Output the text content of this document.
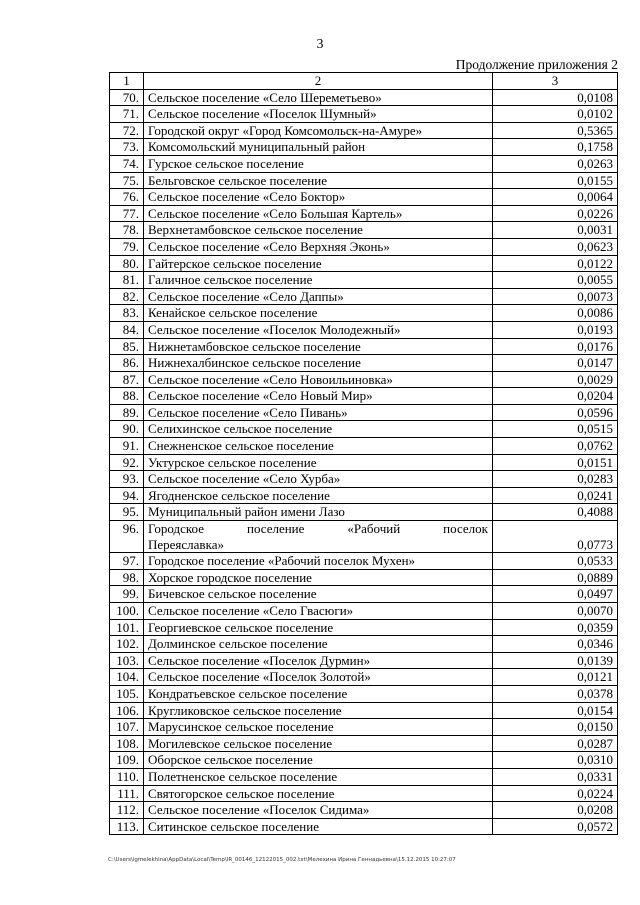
3
Продолжение приложения 2
1	2	3
70.	Сельское поселение «Село Шереметьево»	0,0108
71.	Сельское поселение «Поселок Шумный»	0,0102
72.	Городской округ «Город Комсомольск-на-Амуре»	0,5365
73.	Комсомольский муниципальный район	0,1758
74.	Гурское сельское поселение	0,0263
75.	Бельговское сельское поселение	0,0155
76.	Сельское поселение «Село Боктор»	0,0064
77.	Сельское поселение «Село Большая Картель»	0,0226
78.	Верхнетамбовское сельское поселение	0,0031
79.	Сельское поселение «Село Верхняя Эконь»	0,0623
80.	Гайтерское сельское поселение	0,0122
81.	Галичное сельское поселение	0,0055
82.	Сельское поселение «Село Даппы»	0,0073
83.	Кенайское сельское поселение	0,0086
84.	Сельское поселение «Поселок Молодежный»	0,0193
85.	Нижнетамбовское сельское поселение	0,0176
86.	Нижнехалбинское сельское поселение	0,0147
87.	Сельское поселение «Село Новоильиновка»	0,0029
88.	Сельское поселение «Село Новый Мир»	0,0204
89.	Сельское поселение «Село Пивань»	0,0596
90.	Селихинское сельское поселение	0,0515
91.	Снежненское сельское поселение	0,0762
92.	Уктурское сельское поселение	0,0151
93.	Сельское поселение «Село Хурба»	0,0283
94.	Ягодненское сельское поселение	0,0241
95.	Муниципальный район имени Лазо	0,4088
96.	Городское поселение «Рабочий поселок
Переяславка»	0,0773
97.	Городское поселение «Рабочий поселок Мухен»	0,0533
98.	Хорское городское поселение	0,0889
99.	Бичевское сельское поселение	0,0497
100.	Сельское поселение «Село Гвасюги»	0,0070
101.	Георгиевское сельское поселение	0,0359
102.	Долминское сельское поселение	0,0346
103.	Сельское поселение «Поселок Дурмин»	0,0139
104.	Сельское поселение «Поселок Золотой»	0,0121
105.	Кондратьевское сельское поселение	0,0378
106.	Кругликовское сельское поселение	0,0154
107.	Марусинское сельское поселение	0,0150
108.	Могилевское сельское поселение	0,0287
109.	Оборское сельское поселение	0,0310
110.	Полетненское сельское поселение	0,0331
111.	Святогорское сельское поселение	0,0224
112.	Сельское поселение «Поселок Сидима»	0,0208
113.	Ситинское сельское поселение	0,0572
C:\Users\igmelekhina\AppData\Local\Temp\IR_00146_12122015_002.txt\Мелехина Ирина Геннадьевна\15.12.2015 10:27:07
